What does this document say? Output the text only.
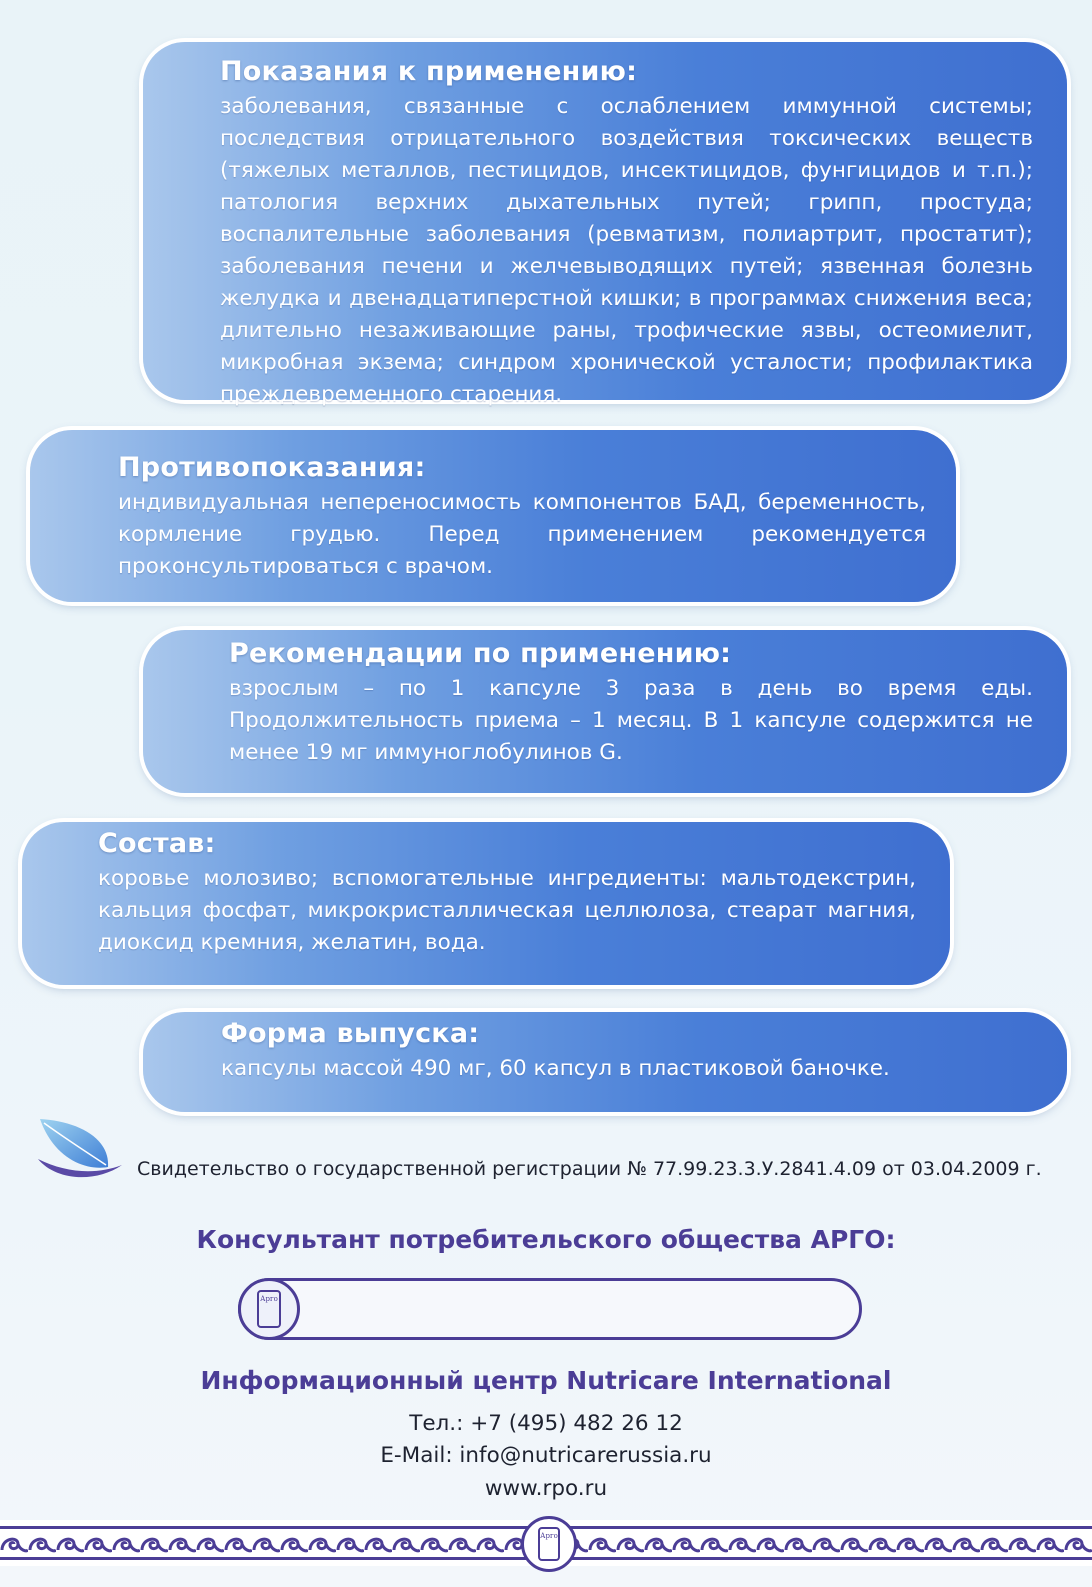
Показания к применению:

заболевания, связанные с ослаблением иммунной системы; последствия отрицательного воздействия токсических веществ (тяжелых металлов, пестицидов, инсектицидов, фунгицидов и т.п.); патология верхних дыхательных путей; грипп, простуда; воспалительные заболевания (ревматизм, полиартрит, простатит); заболевания печени и желчевыводящих путей; язвенная болезнь желудка и двенадцатиперстной кишки; в программах снижения веса; длительно незаживающие раны, трофические язвы, остеомиелит, микробная экзема; синдром хронической усталости; профилактика преждевременного старения.

Противопоказания:

индивидуальная непереносимость компонентов БАД, беременность, кормление грудью. Перед применением рекомендуется проконсультироваться с врачом.

Рекомендации по применению:

взрослым – по 1 капсуле 3 раза в день во время еды. Продолжительность приема – 1 месяц. В 1 капсуле содержится не менее 19 мг иммуноглобулинов G.

Состав:

коровье молозиво; вспомогательные ингредиенты: мальтодекстрин, кальция фосфат, микрокристаллическая целлюлоза, стеарат магния, диоксид кремния, желатин, вода.

Форма выпуска:

капсулы массой 490 мг, 60 капсул в пластиковой баночке.

Свидетельство о государственной регистрации № 77.99.23.3.У.2841.4.09 от 03.04.2009 г.
Консультант потребительского общества АРГО:
Арго
Информационный центр Nutricare International
Тел.: +7 (495) 482 26 12
E-Mail: info@nutricarerussia.ru
www.rpo.ru
Арго
